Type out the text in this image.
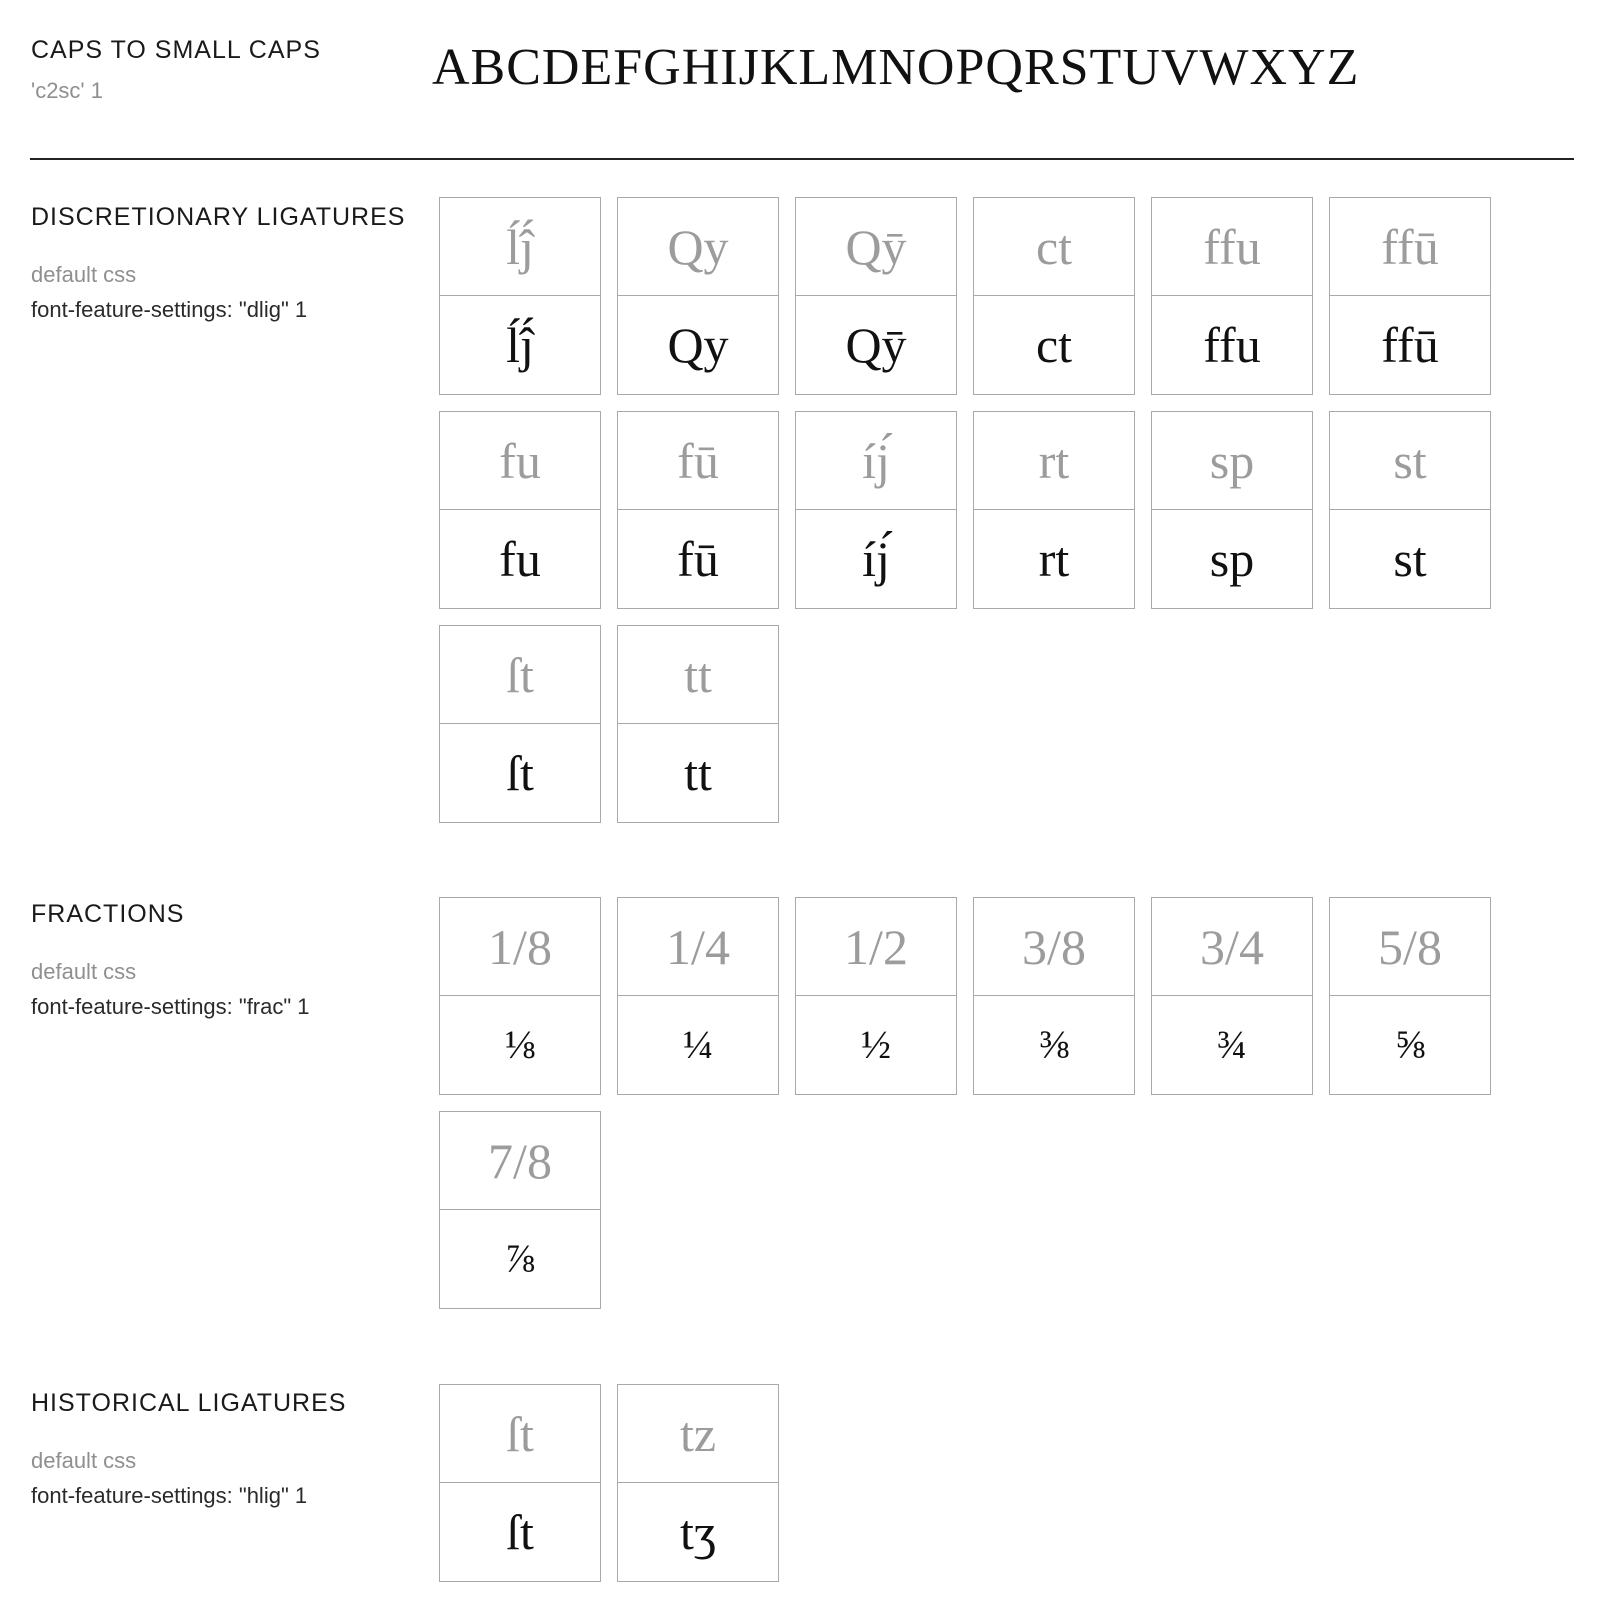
CAPS TO SMALL CAPS
'c2sc' 1	ABCDEFGHIJKLMNOPQRSTUVWXYZ
DISCRETIONARY LIGATURES
default css
font-feature-settings: "dlig" 1
ĺĵ́
ĺĵ́
Qy
Qy
Qȳ
Qȳ
ct
ct
ffu
ffu
ffū
ffū
fu
fu
fū
fū
íj́
íj́
rt
rt
sp
sp
st
st
ſt
ſt
tt
tt
FRACTIONS
default css
font-feature-settings: "frac" 1
1/8
⅛
1/4
¼
1/2
½
3/8
⅜
3/4
¾
5/8
⅝
7/8
⅞
HISTORICAL LIGATURES
default css
font-feature-settings: "hlig" 1
ſt
ſt
tz
tʒ
